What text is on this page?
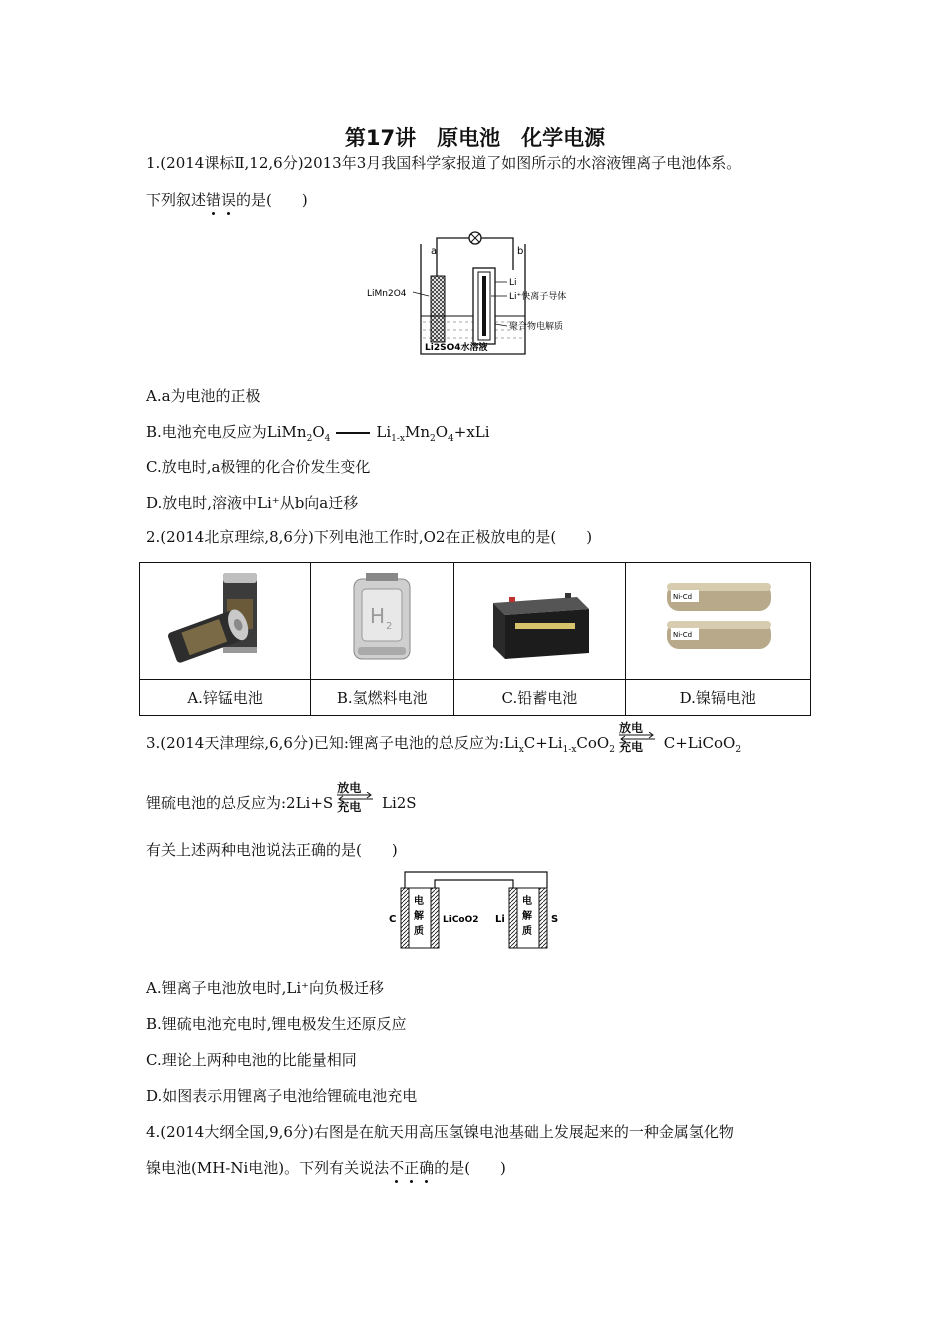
第17讲　原电池　化学电源
1.(2014课标Ⅱ,12,6分)2013年3月我国科学家报道了如图所示的水溶液锂离子电池体系。
下列叙述错误的是(　　)
a	b
LiMn2O4
Li
Li⁺快离子导体
聚合物电解质
Li2SO4水溶液
A.a为电池的正极
B.电池充电反应为$LiMn_2O_4$	$Li_{1-x}Mn_2O_4+xLi$
C.放电时,a极锂的化合价发生变化
D.放电时,溶液中Li⁺从b向a迁移
2.(2014北京理综,8,6分)下列电池工作时,O2在正极放电的是(　　)

H 2		Ni-Cd
Ni-Cd

A.锌锰电池	B.氢燃料电池	C.铅蓄电池	D.镍镉电池
3.(2014天津理综,6,6分)已知:锂离子电池的总反应为$:Li_xC+Li_{1-x}CoO_2$
放电
充电 C+LiCoO$_2$
锂硫电池的总反应为:2Li+S
放电
充电 Li2S
有关上述两种电池说法正确的是(　　)
电
解
质
C	LiCoO2
电
解
质
Li	S
A.锂离子电池放电时,Li⁺向负极迁移
B.锂硫电池充电时,锂电极发生还原反应
C.理论上两种电池的比能量相同
D.如图表示用锂离子电池给锂硫电池充电
4.(2014大纲全国,9,6分)右图是在航天用高压氢镍电池基础上发展起来的一种金属氢化物
镍电池(MH-Ni电池)。下列有关说法不正确的是(　　)
